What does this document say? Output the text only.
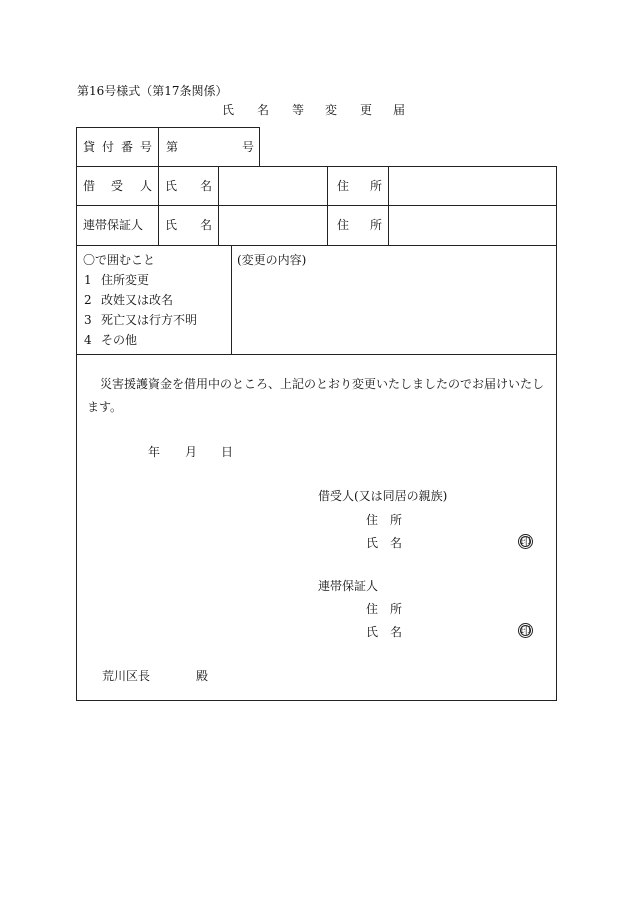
第16号様式（第17条関係）
氏 名 等 変 更 届
貸 付 番 号 第	号
借 受 人 氏 名	住 所
連帯保証人 氏 名	住 所
〇で囲むこと
1 住所変更
2 改姓又は改名
3 死亡又は行方不明
4 その他
(変更の内容)
災害援護資金を借用中のところ、上記のとおり変更いたしましたのでお届けいたし
ます。
年 月 日
借受人(又は同居の親族)
住 所
氏 名	印
連帯保証人
住 所
氏 名	印
荒川区長	殿
